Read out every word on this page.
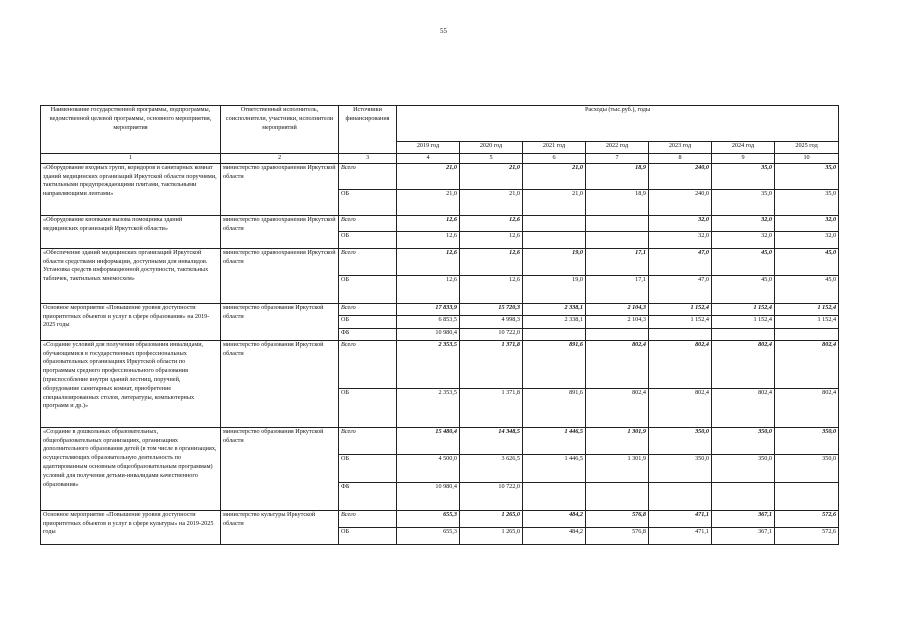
55
Наименование государственной программы, подпрограммы, ведомственной целевой программы, основного мероприятия, мероприятия	Ответственный исполнитель, соисполнители, участники, исполнители мероприятий	Источники финансирования	Расходы (тыс.руб.), годы						
			2019 год	2020 год	2021 год	2022 год	2023 год	2024 год	2025 год
1	2	3	4	5	6	7	8	9	10
«Оборудование входных групп, коридоров и санитарных комнат зданий медицинских организаций Иркутской области поручнями, тактильными предупреждающими плитами, тактильными направляющими лентами»	министерство здравоохранения Иркутской области	Всего	21,0	21,0	21,0	18,9	240,0	35,0	35,0
		ОБ	21,0	21,0	21,0	18,9	240,0	35,0	35,0
«Оборудование кнопками вызова помощника зданий медицинских организаций Иркутской области»	министерство здравоохранения Иркутской области	Всего	12,6	12,6			32,0	32,0	32,0
		ОБ	12,6	12,6			32,0	32,0	32,0
«Обеспечение зданий медицинских организаций Иркутской области средствами информации, доступными для инвалидов. Установка средств информационной доступности, тактильных табличек, тактильных мнемосхем»	министерство здравоохранения Иркутской области	Всего	12,6	12,6	19,0	17,1	47,0	45,0	45,0
		ОБ	12,6	12,6	19,0	17,1	47,0	45,0	45,0
Основное мероприятие «Повышение уровня доступности приоритетных объектов и услуг в сфере образования» на 2019-2025 годы	министерство образования Иркутской области	Всего	17 833,9	15 720,3	2 338,1	2 104,3	1 152,4	1 152,4	1 152,4
		ОБ	6 853,5	4 998,3	2 338,1	2 104,3	1 152,4	1 152,4	1 152,4
		ФБ	10 980,4	10 722,0					
«Создание условий для получения образования инвалидами, обучающимися в государственных профессиональных образовательных организациях Иркутской области по программам среднего профессионального образования (приспособление внутри зданий лестниц, поручней, оборудование санитарных комнат, приобретение специализированных столов, литературы, компьютерных программ и др.)»	министерство образования Иркутской области	Всего	2 353,5	1 371,8	891,6	802,4	802,4	802,4	802,4
		ОБ	2 353,5	1 371,8	891,6	802,4	802,4	802,4	802,4
«Создание в дошкольных образовательных, общеобразовательных организациях, организациях дополнительного образования детей (в том числе в организациях, осуществляющих образовательную деятельность по адаптированным основным общеобразовательным программам) условий для получения детьми-инвалидами качественного образования»	министерство образования Иркутской области	Всего	15 480,4	14 348,5	1 446,5	1 301,9	350,0	350,0	350,0
		ОБ	4 500,0	3 626,5	1 446,5	1 301,9	350,0	350,0	350,0
		ФБ	10 980,4	10 722,0					
Основное мероприятие «Повышение уровня доступности приоритетных объектов и услуг в сфере культуры» на 2019-2025 годы	министерство культуры Иркутской области	Всего	655,3	1 265,0	484,2	576,8	471,1	367,1	572,6
		ОБ	655,3	1 265,0	484,2	576,8	471,1	367,1	572,6
